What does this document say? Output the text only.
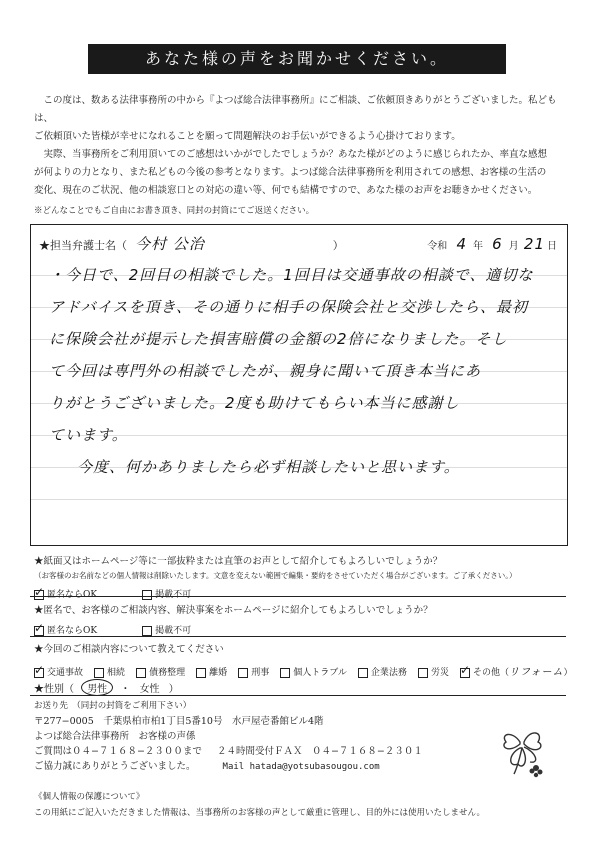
あなた様の声をお聞かせください。
この度は、数ある法律事務所の中から『よつば総合法律事務所』にご相談、ご依頼頂きありがとうございました。私どもは、
ご依頼頂いた皆様が幸せになれることを願って問題解決のお手伝いができるよう心掛けております。
実際、当事務所をご利用頂いてのご感想はいかがでしたでしょうか？あなた様がどのように感じられたか、率直な感想
が何よりの力となり、また私どもの今後の参考となります。よつば総合法律事務所を利用されての感想、お客様の生活の
変化、現在のご状況、他の相談窓口との対応の違い等、何でも結構ですので、あなた様のお声をお聴きかせください。
※どんなことでもご自由にお書き頂き、同封の封筒にてご返送ください。
★担当弁護士名（ 今村 公治	）	令和 4 年 6 月 21 日
・今日で、2回目の相談でした。1回目は交通事故の相談で、適切な
アドバイスを頂き、その通りに相手の保険会社と交渉したら、最初
に保険会社が提示した損害賠償の金額の2倍になりました。そし
て今回は専門外の相談でしたが、親身に聞いて頂き本当にあ
りがとうございました。2度も助けてもらい本当に感謝し
ています。
今度、何かありましたら必ず相談したいと思います。
★紙面又はホームページ等に一部抜粋または直筆のお声として紹介してもよろしいでしょうか？
（お客様のお名前などの個人情報は削除いたします。文意を変えない範囲で編集・要約をさせていただく場合がございます。ご了承ください。）
✓匿名ならOK	掲載不可
★匿名で、お客様のご相談内容、解決事案をホームページに紹介してもよろしいでしょうか？
✓匿名ならOK	掲載不可
★今回のご相談内容について教えてください
✓交通事故	相続	債務整理	離婚	刑事	個人トラブル	企業法務	労災 ✓	その他（リフォーム）
★性別（ 男性 ・ 女性 ）
お送り先　（同封の封筒をご利用下さい）
〒277−0005　千葉県柏市柏1丁目5番10号　水戸屋壱番館ビル4階
よつば総合法律事務所　お客様の声係
ご質問は０４−７１６８−２３００まで ２４時間受付ＦＡＸ　０４−７１６８−２３０１
ご協力誠にありがとうございました。	Mail hatada@yotsubasougou.com
《個人情報の保護について》
この用紙にご記入いただきました情報は、当事務所のお客様の声として厳重に管理し、目的外には使用いたしません。
